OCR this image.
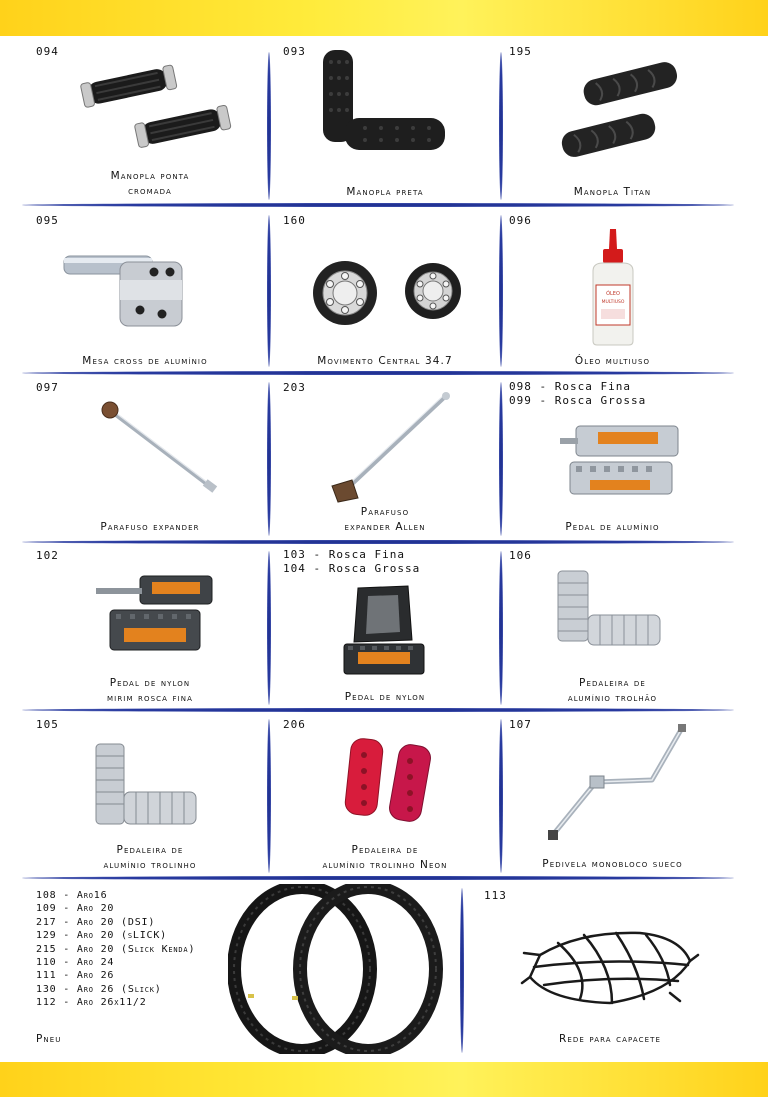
094
Manopla ponta
cromada
093
Manopla preta
195
Manopla Titan
095
Mesa cross de alumínio
160
Movimento Central 34.7
096
ÓLEO
MULTIUSO
Óleo multiuso
097
Parafuso expander
203
Parafuso
expander Allen
098 - Rosca Fina
099 - Rosca Grossa
Pedal de alumínio
102
Pedal de nylon
mirim rosca fina
103 - Rosca Fina
104 - Rosca Grossa
Pedal de nylon
106
Pedaleira de
alumínio trolhão
105
Pedaleira de
alumínio trolinho
206
Pedaleira de
alumínio trolinho Neon
107
Pedivela monobloco sueco
108 - Aro16
109 - Aro 20
217 - Aro 20 (DSI)
129 - Aro 20 (sLICK)
215 - Aro 20 (Slick Kenda)
110 - Aro 24
111 - Aro 26
130 - Aro 26 (Slick)
112 - Aro 26x11/2
Pneu
113
Rede para capacete
